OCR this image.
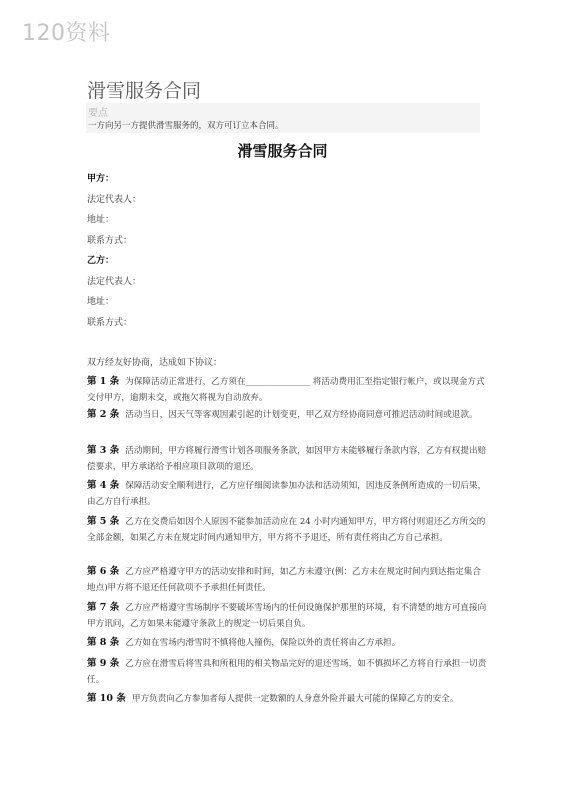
120资料
滑雪服务合同
要点
一方向另一方提供滑雪服务的，双方可订立本合同。
滑雪服务合同
甲方：
法定代表人：
地址：
联系方式：
乙方：
法定代表人：
地址：
联系方式：
双方经友好协商，达成如下协议：
第 1 条 为保障活动正常进行，乙方须在_______________ 将活动费用汇至指定银行帐户，或以现金方式交付甲方，逾期未交，或拖欠将视为自动放弃。
第 2 条 活动当日，因天气等客观因素引起的计划变更，甲乙双方经协商同意可推迟活动时间或退款。
第 3 条 活动期间，甲方将履行滑雪计划各项服务条款，如因甲方未能够履行条款内容，乙方有权提出赔偿要求，甲方承诺给予相应项目款项的退还。
第 4 条 保障活动安全顺利进行，乙方应仔细阅读参加办法和活动须知，因违反条例所造成的一切后果，由乙方自行承担。
第 5 条 乙方在交费后如因个人原因不能参加活动应在 24 小时内通知甲方，甲方将付则退还乙方所交的全部金额，如果乙方未在规定时间内通知甲方，甲方将不予退还，所有责任将由乙方自己承担。
第 6 条 乙方应严格遵守甲方的活动安排和时间，如乙方未遵守(例：乙方未在规定时间内到达指定集合地点)甲方将不退还任何款项不予承担任何责任。
第 7 条 乙方应严格遵守雪场制序不要破坏雪场内的任何设施保护那里的环境，有不清楚的地方可直接向甲方讯问，乙方如果未能遵守条款上的规定一切后果自负。
第 8 条 乙方如在雪场内滑雪时不慎将他人撞伤，保险以外的责任将由乙方承担。
第 9 条 乙方应在滑雪后将雪具和所租用的相关物品完好的退还雪场，如不慎损坏乙方将自行承担一切责任。
第 10 条 甲方负责向乙方参加者每人提供一定数额的人身意外险并最大可能的保障乙方的安全。
